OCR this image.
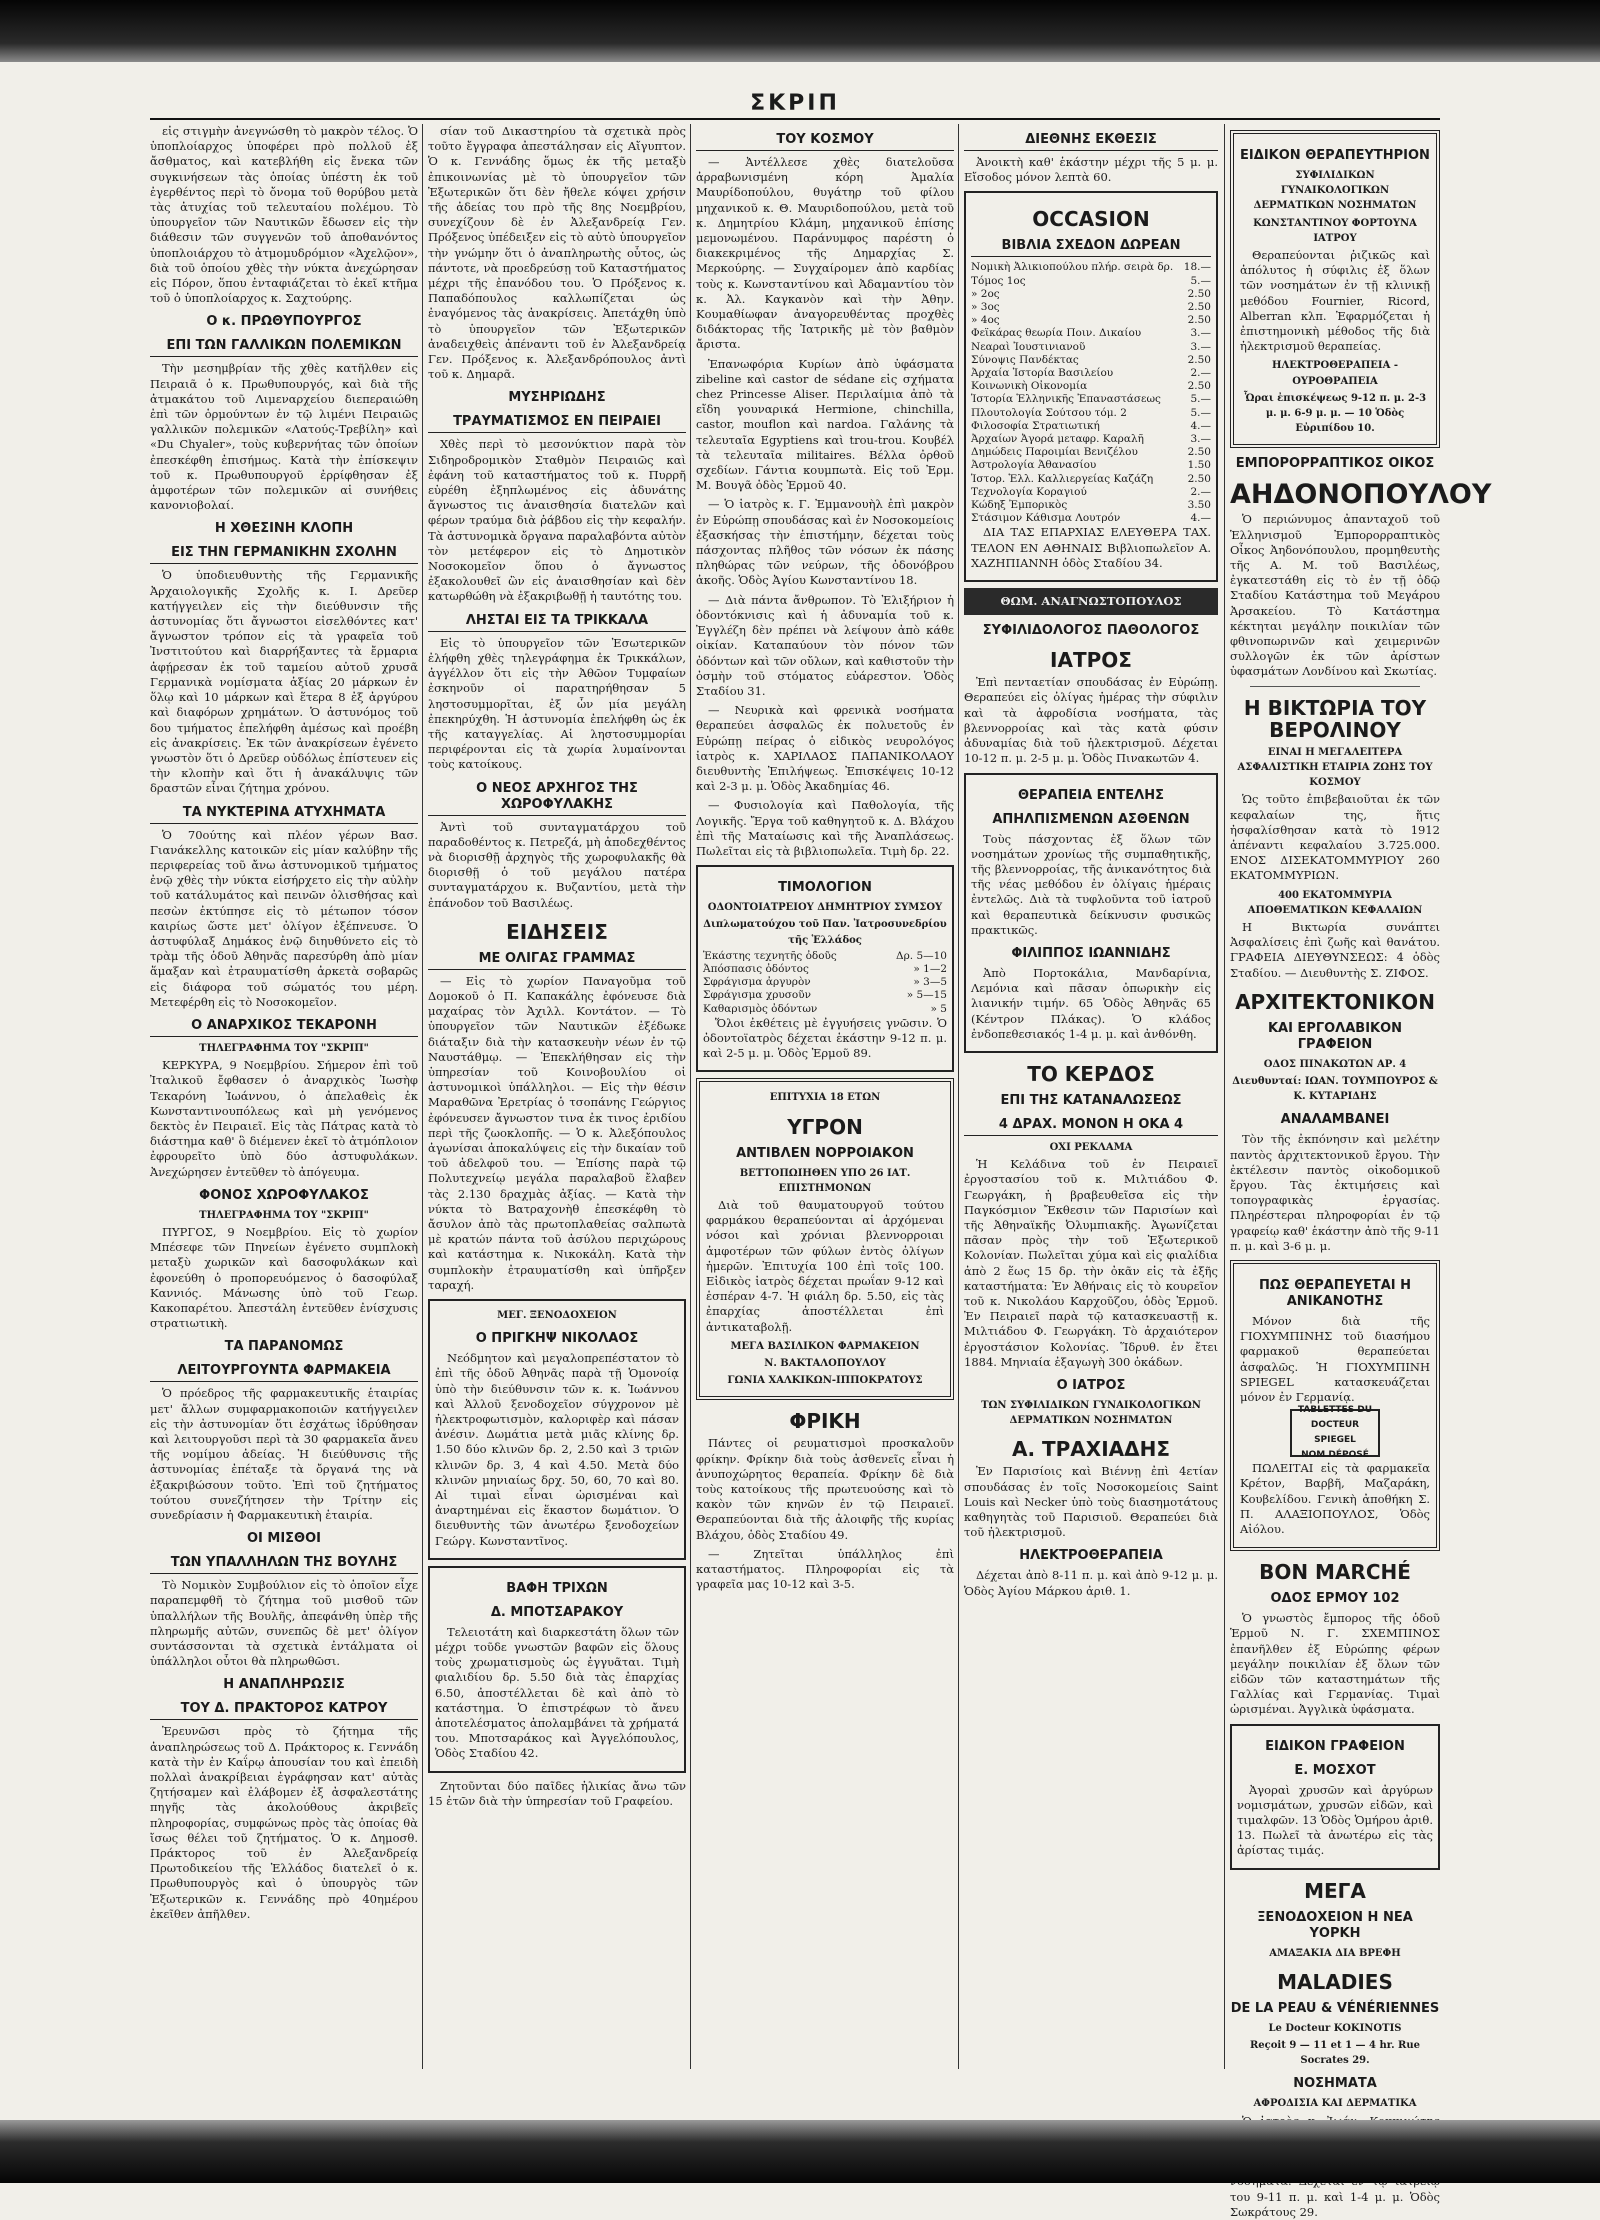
ΣΚΡΙΠ

εἰς στιγμὴν ἀνεγνώσθη τὸ μακρὸν τέλος. Ὁ ὑποπλοίαρχος ὑποφέρει πρὸ πολλοῦ ἐξ ἄσθματος, καὶ κατεβλήθη εἰς ἔνεκα τῶν συγκινήσεων τὰς ὁποίας ὑπέστη ἐκ τοῦ ἐγερθέντος περὶ τὸ ὄνομα τοῦ θορύβου μετὰ τὰς ἀτυχίας τοῦ τελευταίου πολέμου. Τὸ ὑπουργεῖον τῶν Ναυτικῶν ἔδωσεν εἰς τὴν διάθεσιν τῶν συγγενῶν τοῦ ἀποθανόντος ὑποπλοιάρχου τὸ ἀτμομυδρόμιον «Ἀχελῷον», διὰ τοῦ ὁποίου χθὲς τὴν νύκτα ἀνεχώρησαν εἰς Πόρον, ὅπου ἐνταφιάζεται τὸ ἐκεῖ κτῆμα τοῦ ὁ ὑποπλοίαρχος κ. Σαχτούρης.

Ο κ. ΠΡΩΘΥΠΟΥΡΓΟΣ
ΕΠΙ ΤΩΝ ΓΑΛΛΙΚΩΝ ΠΟΛΕΜΙΚΩΝ

Τὴν μεσημβρίαν τῆς χθὲς κατῆλθεν εἰς Πειραιᾶ ὁ κ. Πρωθυπουργός, καὶ διὰ τῆς ἀτμακάτου τοῦ Λιμεναρχείου διεπεραιώθη ἐπὶ τῶν ὁρμούντων ἐν τῷ λιμένι Πειραιῶς γαλλικῶν πολεμικῶν «Λατούς-Τρεβίλη» καὶ «Du Chyaler», τοὺς κυβερνήτας τῶν ὁποίων ἐπεσκέφθη ἐπισήμως. Κατὰ τὴν ἐπίσκεψιν τοῦ κ. Πρωθυπουργοῦ ἐρρίφθησαν ἐξ ἀμφοτέρων τῶν πολεμικῶν αἱ συνήθεις κανονιοβολαί.

Η ΧΘΕΣΙΝΗ ΚΛΟΠΗ
ΕΙΣ ΤΗΝ ΓΕΡΜΑΝΙΚΗΝ ΣΧΟΛΗΝ

Ὁ ὑποδιευθυντὴς τῆς Γερμανικῆς Ἀρχαιολογικῆς Σχολῆς κ. Ι. Δρεῦερ κατήγγειλεν εἰς τὴν διεύθυνσιν τῆς ἀστυνομίας ὅτι ἄγνωστοι εἰσελθόντες κατ' ἄγνωστον τρόπον εἰς τὰ γραφεῖα τοῦ Ἰνστιτούτου καὶ διαρρήξαντες τὰ ἔρμαρια ἀφῄρεσαν ἐκ τοῦ ταμείου αὐτοῦ χρυσᾶ Γερμανικὰ νομίσματα ἀξίας 20 μάρκων ἐν ὅλῳ καὶ 10 μάρκων καὶ ἕτερα 8 ἐξ ἀργύρου καὶ διαφόρων χρημάτων. Ὁ ἀστυνόμος τοῦ δου τμήματος ἐπελήφθη ἀμέσως καὶ προέβη εἰς ἀνακρίσεις. Ἐκ τῶν ἀνακρίσεων ἐγένετο γνωστὸν ὅτι ὁ Δρεῦερ οὐδόλως ἐπίστευεν εἰς τὴν κλοπὴν καὶ ὅτι ἡ ἀνακάλυψις τῶν δραστῶν εἶναι ζήτημα χρόνου.

ΤΑ ΝΥΚΤΕΡΙΝΑ ΑΤΥΧΗΜΑΤΑ

Ὁ 70ούτης καὶ πλέον γέρων Βασ. Γιανάκελλης κατοικῶν εἰς μίαν καλύβην τῆς περιφερείας τοῦ ἄνω ἀστυνομικοῦ τμήματος ἐνῷ χθὲς τὴν νύκτα εἰσήρχετο εἰς τὴν αὐλὴν τοῦ κατάλυμάτος καὶ πεινῶν ὀλισθήσας καὶ πεσὼν ἐκτύπησε εἰς τὸ μέτωπον τόσον καιρίως ὥστε μετ' ὀλίγον ἐξέπνευσε. Ὁ ἀστυφύλαξ Δημάκος ἐνῷ διηυθύνετο εἰς τὸ τρὰμ τῆς ὁδοῦ Ἀθηνᾶς παρεσύρθη ἀπὸ μίαν ἅμαξαν καὶ ἐτραυματίσθη ἀρκετὰ σοβαρῶς εἰς διάφορα τοῦ σώματός του μέρη. Μετεφέρθη εἰς τὸ Νοσοκομεῖον.

Ο ΑΝΑΡΧΙΚΟΣ ΤΕΚΑΡΟΝΗ
ΤΗΛΕΓΡΑΦΗΜΑ ΤΟΥ "ΣΚΡΙΠ"

ΚΕΡΚΥΡΑ, 9 Νοεμβρίου. Σήμερον ἐπὶ τοῦ Ἰταλικοῦ ἔφθασεν ὁ ἀναρχικὸς Ἰωσὴφ Τεκαρόνη Ἰωάννου, ὁ ἀπελαθεὶς ἐκ Κωνσταντινουπόλεως καὶ μὴ γενόμενος δεκτὸς ἐν Πειραιεῖ. Εἰς τὰς Πάτρας κατὰ τὸ διάστημα καθ' ὃ διέμενεν ἐκεῖ τὸ ἀτμόπλοιον ἐφρουρεῖτο ὑπὸ δύο ἀστυφυλάκων. Ἀνεχώρησεν ἐντεῦθεν τὸ ἀπόγευμα.

ΦΟΝΟΣ ΧΩΡΟΦΥΛΑΚΟΣ
ΤΗΛΕΓΡΑΦΗΜΑ ΤΟΥ "ΣΚΡΙΠ"

ΠΥΡΓΟΣ, 9 Νοεμβρίου. Εἰς τὸ χωρίον Μπέσεφε τῶν Πηνείων ἐγένετο συμπλοκὴ μεταξὺ χωρικῶν καὶ δασοφυλάκων καὶ ἐφονεύθη ὁ προπορευόμενος ὁ δασοφύλαξ Καννιός. Μάνωσης ὑπὸ τοῦ Γεωρ. Κακοπαρέτου. Ἀπεστάλη ἐντεῦθεν ἐνίσχυσις στρατιωτικὴ.

ΤΑ ΠΑΡΑΝΟΜΩΣ
ΛΕΙΤΟΥΡΓΟΥΝΤΑ ΦΑΡΜΑΚΕΙΑ

Ὁ πρόεδρος τῆς φαρμακευτικῆς ἑταιρίας μετ' ἄλλων συμφαρμακοποιῶν κατήγγειλεν εἰς τὴν ἀστυνομίαν ὅτι ἐσχάτως ἱδρύθησαν καὶ λειτουργοῦσι περὶ τὰ 30 φαρμακεῖα ἄνευ τῆς νομίμου ἀδείας. Ἡ διεύθυνσις τῆς ἀστυνομίας ἐπέταξε τὰ ὄργανά της νὰ ἐξακριβώσουν τοῦτο. Ἐπὶ τοῦ ζητήματος τούτου συνεζήτησεν τὴν Τρίτην εἰς συνεδρίασιν ἡ Φαρμακευτικὴ ἑταιρία.

ΟΙ ΜΙΣΘΟΙ
ΤΩΝ ΥΠΑΛΛΗΛΩΝ ΤΗΣ ΒΟΥΛΗΣ

Τὸ Νομικὸν Συμβούλιον εἰς τὸ ὁποῖον εἶχε παραπεμφθῆ τὸ ζήτημα τοῦ μισθοῦ τῶν ὑπαλλήλων τῆς Βουλῆς, ἀπεφάνθη ὑπὲρ τῆς πληρωμῆς αὐτῶν, συνεπῶς δὲ μετ' ὀλίγον συντάσσονται τὰ σχετικὰ ἐντάλματα οἱ ὑπάλληλοι οὗτοι θὰ πληρωθῶσι.

Η ΑΝΑΠΛΗΡΩΣΙΣ
ΤΟΥ Δ. ΠΡΑΚΤΟΡΟΣ ΚΑΤΡΟΥ

Ἐρευνῶσι πρὸς τὸ ζήτημα τῆς ἀναπληρώσεως τοῦ Δ. Πράκτορος κ. Γεννάδη κατὰ τὴν ἐν Καΐρῳ ἀπουσίαν του καὶ ἐπειδὴ πολλαὶ ἀνακρίβειαι ἐγράφησαν κατ' αὐτὰς ζητήσαμεν καὶ ἐλάβομεν ἐξ ἀσφαλεστάτης πηγῆς τὰς ἀκολούθους ἀκριβεῖς πληροφορίας, συμφώνως πρὸς τὰς ὁποίας θὰ ἴσως θέλει τοῦ ζητήματος. Ὁ κ. Δημοσθ. Πράκτορος τοῦ ἐν Ἀλεξανδρείᾳ Πρωτοδικείου τῆς Ἑλλάδος διατελεῖ ὁ κ. Πρωθυπουργὸς καὶ ὁ ὑπουργὸς τῶν Ἐξωτερικῶν κ. Γεννάδης πρὸ 40ημέρου ἐκεῖθεν ἀπῆλθεν.

σίαν τοῦ Δικαστηρίου τὰ σχετικὰ πρὸς τοῦτο ἔγγραφα ἀπεστάλησαν εἰς Αἴγυπτον. Ὁ κ. Γεννάδης ὅμως ἐκ τῆς μεταξὺ ἐπικοινωνίας μὲ τὸ ὑπουργεῖον τῶν Ἐξωτερικῶν ὅτι δὲν ἤθελε κόψει χρήσιν τῆς ἀδείας του πρὸ τῆς 8ης Νοεμβρίου, συνεχίζουν δὲ ἐν Ἀλεξανδρείᾳ Γεν. Πρόξενος ὑπέδειξεν εἰς τὸ αὐτὸ ὑπουργεῖον τὴν γνώμην ὅτι ὁ ἀναπληρωτὴς οὗτος, ὡς πάντοτε, νὰ προεδρεύσῃ τοῦ Καταστήματος μέχρι τῆς ἐπανόδου του. Ὁ Πρόξενος κ. Παπαδόπουλος καλλωπίζεται ὡς ἐναγόμενος τὰς ἀνακρίσεις. Ἀπετάχθη ὑπὸ τὸ ὑπουργεῖον τῶν Ἐξωτερικῶν ἀναδειχθεὶς ἀπέναντι τοῦ ἐν Ἀλεξανδρείᾳ Γεν. Πρόξενος κ. Ἀλεξανδρόπουλος ἀντὶ τοῦ κ. Δημαρᾶ.

ΜΥΣΗΡΙΩΔΗΣ
ΤΡΑΥΜΑΤΙΣΜΟΣ ΕΝ ΠΕΙΡΑΙΕΙ

Χθὲς περὶ τὸ μεσονύκτιον παρὰ τὸν Σιδηροδρομικὸν Σταθμὸν Πειραιῶς καὶ ἐφάνη τοῦ καταστήματος τοῦ κ. Πυρρῆ εὑρέθη ἐξηπλωμένος εἰς ἀδυνάτης ἄγνωστος τις ἀναισθησία διατελῶν καὶ φέρων τραύμα διὰ ῥάβδου εἰς τὴν κεφαλήν. Τὰ ἀστυνομικὰ ὄργανα παραλαβόντα αὐτὸν τὸν μετέφερον εἰς τὸ Δημοτικὸν Νοσοκομεῖον ὅπου ὁ ἄγνωστος ἐξακολουθεῖ ὢν εἰς ἀναισθησίαν καὶ δὲν κατωρθώθη νὰ ἐξακριβωθῇ ἡ ταυτότης του.

ΛΗΣΤΑΙ ΕΙΣ ΤΑ ΤΡΙΚΚΑΛΑ

Εἰς τὸ ὑπουργεῖον τῶν Ἐσωτερικῶν ἐλήφθη χθὲς τηλεγράφημα ἐκ Τρικκάλων, ἀγγέλλον ὅτι εἰς τὴν Ἀθῶον Τυμφαίων ἐσκηνοῦν οἱ παρατηρήθησαν 5 ληστοσυμμορῖται, ἐξ ὧν μία μεγάλη ἐπεκηρύχθη. Ἡ ἀστυνομία ἐπελήφθη ὡς ἐκ τῆς καταγγελίας. Αἱ ληστοσυμμορίαι περιφέρονται εἰς τὰ χωρία λυμαίνονται τοὺς κατοίκους.

Ο ΝΕΟΣ ΑΡΧΗΓΟΣ ΤΗΣ ΧΩΡΟΦΥΛΑΚΗΣ

Ἀντὶ τοῦ συνταγματάρχου τοῦ παραδοθέντος κ. Πετρεζά, μὴ ἀποδεχθέντος νὰ διορισθῇ ἀρχηγὸς τῆς χωροφυλακῆς θὰ διορισθῇ ὁ τοῦ μεγάλου πατέρα συνταγματάρχου κ. Βυζαντίου, μετὰ τὴν ἐπάνοδον τοῦ Βασιλέως.

ΕΙΔΗΣΕΙΣ
ΜΕ ΟΛΙΓΑΣ ΓΡΑΜΜΑΣ

— Εἰς τὸ χωρίον Παναγοῦμα τοῦ Δομοκοῦ ὁ Π. Καπακάλης ἐφόνευσε διὰ μαχαίρας τὸν Ἀχιλλ. Κοντάτον. — Τὸ ὑπουργεῖον τῶν Ναυτικῶν ἐξέδωκε διάταξιν διὰ τὴν κατασκευὴν νέων ἐν τῷ Ναυστάθμῳ. — Ἐπεκλήθησαν εἰς τὴν ὑπηρεσίαν τοῦ Κοινοβουλίου οἱ ἀστυνομικοὶ ὑπάλληλοι. — Εἰς τὴν θέσιν Μαραθῶνα Ἐρετρίας ὁ τσοπάνης Γεώργιος ἐφόνευσεν ἄγνωστον τινα ἐκ τινος ἐριδίου περὶ τῆς ζωοκλοπῆς. — Ὁ κ. Ἀλεξόπουλος ἀγωνίσαι ἀποκαλύψεις εἰς τὴν δικαίαν τοῦ τοῦ ἀδελφοῦ του. — Ἐπίσης παρὰ τῷ Πολυτεχνείῳ μεγάλα παραλαβοῦ ἔλαβεν τὰς 2.130 δραχμὰς ἀξίας. — Κατὰ τὴν νύκτα τὸ Βατραχονὴθ ἐπεσκέφθη τὸ ἄσυλον ἀπὸ τὰς πρωτοπλαθείας σαλπωτὰ μὲ κρατών πάντα τοῦ ἀσύλου περιχώρους καὶ κατάστημα κ. Νικοκάλη. Κατὰ τὴν συμπλοκὴν ἐτραυματίσθη καὶ ὑπῆρξεν ταραχή.

ΜΕΓ. ΞΕΝΟΔΟΧΕΙΟΝ
Ο ΠΡΙΓΚΗΨ ΝΙΚΟΛΑΟΣ

Νεόδμητον καὶ μεγαλοπρεπέστατον τὸ ἐπὶ τῆς ὁδοῦ Ἀθηνᾶς παρὰ τῇ Ὁμονοίᾳ ὑπὸ τὴν διεύθυνσιν τῶν κ. κ. Ἰωάννου καὶ Ἀλλοῦ ξενοδοχεῖον σύγχρονον μὲ ἠλεκτροφωτισμὸν, καλοριφὲρ καὶ πάσαν ἀνέσιν. Δωμάτια μετὰ μιᾶς κλίνης δρ. 1.50 δύο κλινῶν δρ. 2, 2.50 καὶ 3 τριῶν κλινῶν δρ. 3, 4 καὶ 4.50. Μετὰ δύο κλινῶν μηνιαίως δρχ. 50, 60, 70 καὶ 80. Αἱ τιμαὶ εἶναι ὡρισμέναι καὶ ἀναρτημέναι εἰς ἕκαστον δωμάτιον. Ὁ διευθυντὴς τῶν ἀνωτέρω ξενοδοχείων Γεώργ. Κωνσταντῖνος.

ΒΑΦΗ ΤΡΙΧΩΝ
Δ. ΜΠΟΤΣΑΡΑΚΟΥ

Τελειοτάτη καὶ διαρκεστάτη ὅλων τῶν μέχρι τοῦδε γνωστῶν βαφῶν εἰς ὅλους τοὺς χρωματισμοὺς ὡς ἐγγυᾶται. Τιμὴ φιαλιδίου δρ. 5.50 διὰ τὰς ἐπαρχίας 6.50, ἀποστέλλεται δὲ καὶ ἀπὸ τὸ κατάστημα. Ὁ ἐπιστρέφων τὸ ἄνευ ἀποτελέσματος ἀπολαμβάνει τὰ χρήματά του. Μποτσαράκος καὶ Ἀγγελόπουλος, Ὁδὸς Σταδίου 42.

Ζητοῦνται δύο παῖδες ἡλικίας ἄνω τῶν 15 ἐτῶν διὰ τὴν ὑπηρεσίαν τοῦ Γραφείου.

ΤΟΥ ΚΟΣΜΟΥ

— Ἀντέλλεσε χθὲς διατελοῦσα ἀρραβωνισμένη κόρη Ἀμαλία Μαυρίδοπούλου, θυγάτηρ τοῦ φίλου μηχανικοῦ κ. Θ. Μαυριδοπούλου, μετὰ τοῦ κ. Δημητρίου Κλάμη, μηχανικοῦ ἐπίσης μεμονωμένου. Παράνυμφος παρέστη ὁ διακεκριμένος τῆς Δημαρχίας Σ. Μερκούρης. — Συγχαίρομεν ἀπὸ καρδίας τοὺς κ. Κωνσταντίνου καὶ Ἀδαμαντίου τὸν κ. Ἀλ. Καγκανὸν καὶ τὴν Ἀθην. Κουμαθίωφαν ἀναγορευθέντας προχθὲς διδάκτορας τῆς Ἰατρικῆς μὲ τὸν βαθμὸν ἄριστα.

Ἐπανωφόρια Κυρίων ἀπὸ ὑφάσματα zibeline καὶ castor de sédane εἰς σχήματα chez Princesse Aliser. Περιλαίμια ἀπὸ τὰ εἴδη γουναρικά Hermione, chinchilla, castor, mouflon καὶ nardoa. Γαλάνης τὰ τελευταῖα Egyptiens καὶ trou-trou. Κουβέλ τὰ τελευταῖα militaires. Βέλλα ὀρθοῦ σχεδίων. Γάντια κουμπωτὰ. Εἰς τοῦ Ἐρμ. Μ. Βουγᾶ ὁδὸς Ἑρμοῦ 40.

— Ὁ ἰατρὸς κ. Γ. Ἐμμανουὴλ ἐπὶ μακρὸν ἐν Εὐρώπῃ σπουδάσας καὶ ἐν Νοσοκομείοις ἐξασκήσας τὴν ἐπιστήμην, δέχεται τοὺς πάσχοντας πλῆθος τῶν νόσων ἐκ πάσης πληθώρας τῶν νεύρων, τῆς ὁδονόβρου ἀκοῆς. Ὁδὸς Ἀγίου Κωνσταντίνου 18.

— Διὰ πάντα ἄνθρωπον. Τὸ Ἐλιξήριον ἡ ὀδοντόκνισις καὶ ἡ ἀδυναμία τοῦ κ. Ἐγγλέζη δὲν πρέπει νὰ λείψουν ἀπὸ κάθε οἰκίαν. Καταπαύουν τὸν πόνον τῶν ὀδόντων καὶ τῶν οὔλων, καὶ καθιστοῦν τὴν ὀσμὴν τοῦ στόματος εὐάρεστον. Ὁδὸς Σταδίου 31.

— Νευρικὰ καὶ φρενικὰ νοσήματα θεραπεύει ἀσφαλῶς ἐκ πολυετοῦς ἐν Εὐρώπῃ πείρας ὁ εἰδικὸς νευρολόγος ἰατρὸς κ. ΧΑΡΙΛΑΟΣ ΠΑΠΑΝΙΚΟΛΑΟΥ διευθυντὴς Ἐπιλήψεως. Ἐπισκέψεις 10-12 καὶ 2-3 μ. μ. Ὁδὸς Ἀκαδημίας 46.

— Φυσιολογία καὶ Παθολογία, τῆς Λογικῆς. Ἔργα τοῦ καθηγητοῦ κ. Δ. Βλάχου ἐπὶ τῆς Ματαίωσις καὶ τῆς Ἀναπλάσεως. Πωλεῖται εἰς τὰ βιβλιοπωλεῖα. Τιμὴ δρ. 22.

ΤΙΜΟΛΟΓΙΟΝ
ΟΔΟΝΤΟΙΑΤΡΕΙΟΥ ΔΗΜΗΤΡΙΟΥ ΣΥΜΣΟΥ
Διπλωματούχου τοῦ Παν. Ἰατροσυνεδρίου τῆς Ἑλλάδος
Ἑκάστης τεχνητῆς ὀδοῦς	Δρ. 5—10
Ἀπόσπασις ὀδόντος	» 1—2
Σφράγισμα ἀργυρὸν	» 3—5
Σφράγισμα χρυσοῦν	» 5—15
Καθαρισμὸς ὀδόντων	» 5

Ὅλοι ἐκθέτεις μὲ ἐγγυήσεις γνῶσιν. Ὁ ὀδοντοϊατρὸς δέχεται ἑκάστην 9-12 π. μ. καὶ 2-5 μ. μ. Ὁδὸς Ἑρμοῦ 89.

ΕΠΙΤΥΧΙΑ 18 ΕΤΩΝ
ΥΓΡΟΝ
ΑΝΤΙΒΛΕΝ ΝΟΡΡΟΙΑΚΟΝ
ΒΕΤΤΟΠΩΙΗΘΕΝ ΥΠΟ 26 ΙΑΤ. ΕΠΙΣΤΗΜΟΝΩΝ

Διὰ τοῦ θαυματουργοῦ τούτου φαρμάκου θεραπεύονται αἱ ἀρχόμεναι νόσοι καὶ χρόνιαι βλεννορροιαι ἀμφοτέρων τῶν φύλων ἐντὸς ὀλίγων ἡμερῶν. Ἐπιτυχία 100 ἐπὶ τοῖς 100. Εἰδικὸς ἰατρὸς δέχεται πρωΐαν 9-12 καὶ ἑσπέραν 4-7. Ἡ φιάλη δρ. 5.50, εἰς τὰς ἐπαρχίας ἀποστέλλεται ἐπὶ ἀντικαταβολῇ.

ΜΕΓΑ ΒΑΣΙΛΙΚΟΝ ΦΑΡΜΑΚΕΙΟΝ
Ν. ΒΑΚΤΑΛΟΠΟΥΛΟΥ
ΓΩΝΙΑ ΧΑΛΚΙΚΩΝ-ΙΠΠΟΚΡΑΤΟΥΣ
ΦΡΙΚΗ

Πάντες οἱ ρευματισμοὶ προσκαλοῦν φρίκην. Φρίκην διὰ τοὺς ἀσθενεῖς εἶναι ἡ ἀνυποχώρητος θεραπεία. Φρίκην δὲ διὰ τοὺς κατοίκους τῆς πρωτευούσης καὶ τὸ κακὸν τῶν κηνῶν ἐν τῷ Πειραιεῖ. Θεραπεύονται διὰ τῆς ἀλοιφῆς τῆς κυρίας Βλάχου, ὁδὸς Σταδίου 49.

— Ζητεῖται ὑπάλληλος ἐπὶ καταστήματος. Πληροφορίαι εἰς τὰ γραφεῖα μας 10-12 καὶ 3-5.

ΔΙΕΘΝΗΣ ΕΚΘΕΣΙΣ

Ἀνοικτὴ καθ' ἑκάστην μέχρι τῆς 5 μ. μ. Εἴσοδος μόνον λεπτὰ 60.

OCCASION
ΒΙΒΛΙΑ ΣΧΕΔΟΝ ΔΩΡΕΑΝ
Νομικὴ Ἀλικιοπούλου πλήρ. σειρὰ δρ. 18.—
Τόμος 1ος	5.—
» 2ος	2.50
» 3ος	2.50
» 4ος	2.50
Φεϊκάρας θεωρία Ποιν. Δικαίου	3.—
Νεαραὶ Ἰουστινιανοῦ	3.—
Σύνοψις Πανδέκτας	2.50
Ἀρχαία Ἱστορία Βασιλείου	2.—
Κοινωνικὴ Οἰκονομία	2.50
Ἱστορία Ἑλληνικῆς Ἐπαναστάσεως	5.—
Πλουτολογία Σούτσου τόμ. 2	5.—
Φιλοσοφία Στρατιωτική	4.—
Ἀρχαίων Ἀγορά μεταφρ. Καραλῆ	3.—
Δημώδεις Παροιμίαι Βενιζέλου	2.50
Ἀστρολογία Ἀθανασίου	1.50
Ἱστορ. Ἑλλ. Καλλιεργείας Καζάζη	2.50
Τεχνολογία Κοραγιού	2.—
Κώδηξ Ἐμπορικὸς	3.50
Στάσιμον Κάθισμα Λουτρόν	4.—

ΔΙΑ ΤΑΣ ΕΠΑΡΧΙΑΣ ΕΛΕΥΘΕΡΑ ΤΑΧ. ΤΕΛΟΝ ΕΝ ΑΘΗΝΑΙΣ Βιβλιοπωλεῖον Α. ΧΑΖΗΠΙΑΝΝΗ ὁδὸς Σταδίου 34.

ΘΩΜ. ΑΝΑΓΝΩΣΤΟΠΟΥΛΟΣ
ΣΥΦΙΛΙΔΟΛΟΓΟΣ ΠΑΘΟΛΟΓΟΣ
ΙΑΤΡΟΣ

Ἐπὶ πενταετίαν σπουδάσας ἐν Εὐρώπῃ. Θεραπεύει εἰς ὀλίγας ἡμέρας τὴν σύφιλιν καὶ τὰ ἀφροδίσια νοσήματα, τὰς βλεννορροίας καὶ τὰς κατὰ φύσιν ἀδυναμίας διὰ τοῦ ἠλεκτρισμοῦ. Δέχεται 10-12 π. μ. 2-5 μ. μ. Ὁδὸς Πινακωτῶν 4.

ΘΕΡΑΠΕΙΑ ΕΝΤΕΛΗΣ
ΑΠΗΛΠΙΣΜΕΝΩΝ ΑΣΘΕΝΩΝ

Τοὺς πάσχοντας ἐξ ὅλων τῶν νοσημάτων χρονίως τῆς συμπαθητικῆς, τῆς βλεννορροίας, τῆς ἀνικανότητος διὰ τῆς νέας μεθόδου ἐν ὀλίγαις ἡμέραις ἐντελῶς. Διὰ τὰ τυφλοῦντα τοῦ ἰατροῦ καὶ θεραπευτικὰ δείκνυσιν φυσικῶς πρακτικῶς.

ΦΙΛΙΠΠΟΣ ΙΩΑΝΝΙΔΗΣ

Ἀπὸ Πορτοκάλια, Μανδαρίνια, Λεμόνια καὶ πᾶσαν ὀπωρικὴν εἰς λιανικήν τιμήν. 65 Ὁδὸς Ἀθηνᾶς 65 (Κέντρον Πλάκας). Ὁ κλάδος ἐνδοπεθεσιακός 1-4 μ. μ. καὶ ἀνθόνθη.

ΤΟ ΚΕΡΔΟΣ
ΕΠΙ ΤΗΣ ΚΑΤΑΝΑΛΩΣΕΩΣ
4 ΔΡΑΧ. ΜΟΝΟΝ Η ΟΚΑ 4
ΟΧΙ ΡΕΚΛΑΜΑ

Ἡ Κελάδινα τοῦ ἐν Πειραιεῖ ἐργοστασίου τοῦ κ. Μιλτιάδου Φ. Γεωργάκη, ἡ βραβευθεῖσα εἰς τὴν Παγκόσμιον Ἔκθεσιν τῶν Παρισίων καὶ τῆς Ἀθηναϊκῆς Ὀλυμπιακῆς. Ἀγωνίζεται πᾶσαν πρὸς τὴν τοῦ Ἐξωτερικοῦ Κολονίαν. Πωλεῖται χύμα καὶ εἰς φιαλίδια ἀπὸ 2 ἕως 15 δρ. τὴν ὀκᾶν εἰς τὰ ἐξῆς καταστήματα: Ἐν Ἀθήναις εἰς τὸ κουρεῖον τοῦ κ. Νικολάου Καρχοῦζου, ὁδὸς Ἑρμοῦ. Ἐν Πειραιεῖ παρὰ τῷ κατασκευαστῇ κ. Μιλτιάδου Φ. Γεωργάκη. Τὸ ἀρχαιότερον ἐργοστάσιον Κολονίας. Ἵδρυθ. ἐν ἔτει 1884. Μηνιαία ἐξαγωγὴ 300 ὀκάδων.

Ο ΙΑΤΡΟΣ
ΤΩΝ ΣΥΦΙΛΙΔΙΚΩΝ ΓΥΝΑΙΚΟΛΟΓΙΚΩΝ ΔΕΡΜΑΤΙΚΩΝ ΝΟΣΗΜΑΤΩΝ
Α. ΤΡΑΧΙΑΔΗΣ

Ἐν Παρισίοις καὶ Βιέννῃ ἐπὶ 4ετίαν σπουδάσας ἐν τοῖς Νοσοκομείοις Saint Louis καὶ Necker ὑπὸ τοὺς διασημοτάτους καθηγητὰς τοῦ Παρισιοῦ. Θεραπεύει διὰ τοῦ ἠλεκτρισμοῦ.

ΗΛΕΚΤΡΟΘΕΡΑΠΕΙΑ

Δέχεται ἀπὸ 8-11 π. μ. καὶ ἀπὸ 9-12 μ. μ. Ὁδὸς Ἀγίου Μάρκου ἀριθ. 1.

ΕΙΔΙΚΟΝ ΘΕΡΑΠΕΥΤΗΡΙΟΝ
ΣΥΦΙΛΙΔΙΚΩΝ ΓΥΝΑΙΚΟΛΟΓΙΚΩΝ ΔΕΡΜΑΤΙΚΩΝ ΝΟΣΗΜΑΤΩΝ
ΚΩΝΣΤΑΝΤΙΝΟΥ ΦΟΡΤΟΥΝΑ ΙΑΤΡΟΥ

Θεραπεύονται ῥιζικῶς καὶ ἀπόλυτος ἡ σύφιλις ἐξ ὅλων τῶν νοσημάτων ἐν τῇ κλινικῇ μεθόδου Fournier, Ricord, Alberran κλπ. Ἐφαρμόζεται ἡ ἐπιστημονικὴ μέθοδος τῆς διὰ ἠλεκτρισμοῦ θεραπείας.

ΗΛΕΚΤΡΟΘΕΡΑΠΕΙΑ - ΟΥΡΟΘΡΑΠΕΙΑ
Ὧραι ἐπισκέψεως 9-12 π. μ. 2-3 μ. μ. 6-9 μ. μ. — 10 Ὁδὸς Εὐριπίδου 10.
ΕΜΠΟΡΟΡΡΑΠΤΙΚΟΣ ΟΙΚΟΣ
ΑΗΔΟΝΟΠΟΥΛΟΥ

Ὁ περιώνυμος ἀπανταχοῦ τοῦ Ἑλληνισμοῦ Ἐμπορορραπτικὸς Οἶκος Ἀηδονόπουλου, προμηθευτὴς τῆς Α. Μ. τοῦ Βασιλέως, ἐγκατεστάθη εἰς τὸ ἐν τῇ ὁδῷ Σταδίου Κατάστημα τοῦ Μεγάρου Ἀρσακείου. Τὸ Κατάστημα κέκτηται μεγάλην ποικιλίαν τῶν φθινοπωρινῶν καὶ χειμερινῶν συλλογῶν ἐκ τῶν ἀρίστων ὑφασμάτων Λονδίνου καὶ Σκωτίας.

Η ΒΙΚΤΩΡΙΑ ΤΟΥ ΒΕΡΟΛΙΝΟΥ
ΕΙΝΑΙ Η ΜΕΓΑΛΕΙΤΕΡΑ ΑΣΦΑΛΙΣΤΙΚΗ ΕΤΑΙΡΙΑ ΖΩΗΣ ΤΟΥ ΚΟΣΜΟΥ

Ὡς τοῦτο ἐπιβεβαιοῦται ἐκ τῶν κεφαλαίων της, ἥτις ἠσφαλίσθησαν κατὰ τὸ 1912 ἀπέναντι κεφαλαίου 3.725.000. ΕΝΟΣ ΔΙΣΕΚΑΤΟΜΜΥΡΙΟΥ 260 ΕΚΑΤΟΜΜΥΡΙΩΝ.

400 ΕΚΑΤΟΜΜΥΡΙΑ ΑΠΟΘΕΜΑΤΙΚΩΝ ΚΕΦΑΛΑΙΩΝ

Η Βικτωρία συνάπτει Ἀσφαλίσεις ἐπὶ ζωῆς καὶ θανάτου. ΓΡΑΦΕΙΑ ΔΙΕΥΘΥΝΣΕΩΣ: 4 ὁδὸς Σταδίου. — Διευθυντὴς Σ. ΖΙΦΟΣ.

ΑΡΧΙΤΕΚΤΟΝΙΚΟΝ
ΚΑΙ ΕΡΓΟΛΑΒΙΚΟΝ ΓΡΑΦΕΙΟΝ
ΟΔΟΣ ΠΙΝΑΚΩΤΩΝ ΑΡ. 4
Διευθυνταί: ΙΩΑΝ. ΤΟΥΜΠΟΥΡΟΣ & Κ. ΚΥΤΑΡΙΔΗΣ
ΑΝΑΛΑΜΒΑΝΕΙ

Τὸν τῆς ἐκπόνησιν καὶ μελέτην παντὸς ἀρχιτεκτονικοῦ ἔργου. Τὴν ἐκτέλεσιν παντὸς οἰκοδομικοῦ ἔργου. Τὰς ἐκτιμήσεις καὶ τοπογραφικὰς ἐργασίας. Πληρέστεραι πληροφορίαι ἐν τῷ γραφείῳ καθ' ἑκάστην ἀπὸ τῆς 9-11 π. μ. καὶ 3-6 μ. μ.

ΠΩΣ ΘΕΡΑΠΕΥΕΤΑΙ Η ΑΝΙΚΑΝΟΤΗΣ

Μόνον διὰ τῆς ΓΙΟΧΥΜΠΙΝΗΣ τοῦ διασήμου φαρμακοῦ θεραπεύεται ἀσφαλῶς. Ἡ ΓΙΟΧΥΜΠΙΝΗ SPIEGEL κατασκευάζεται μόνον ἐν Γερμανίᾳ.

TABLETTES DU DOCTEUR SPIEGEL
NOM DÉPOSÉ

ΠΩΛΕΙΤΑΙ εἰς τὰ φαρμακεῖα Κρέτον, Βαρβῆ, Μαζαράκη, Κουβελίδου. Γενικὴ ἀποθήκη Σ. Π. ΑΛΑΞΙΟΠΟΥΛΟΣ, Ὁδὸς Αἰόλου.

BON MARCHÉ
ΟΔΟΣ ΕΡΜΟΥ 102

Ὁ γνωστὸς ἔμπορος τῆς ὁδοῦ Ἑρμοῦ Ν. Γ. ΣΧΕΜΠΙΝΟΣ ἐπανῆλθεν ἐξ Εὐρώπης φέρων μεγάλην ποικιλίαν ἐξ ὅλων τῶν εἰδῶν τῶν καταστημάτων τῆς Γαλλίας καὶ Γερμανίας. Τιμαὶ ὡρισμέναι. Ἀγγλικὰ ὑφάσματα.

ΕΙΔΙΚΟΝ ΓΡΑΦΕΙΟΝ
Ε. ΜΟΣΧΟΤ

Ἀγοραὶ χρυσῶν καὶ ἀργύρων νομισμάτων, χρυσῶν εἰδῶν, καὶ τιμαλφῶν. 13 Ὁδὸς Ὁμήρου ἀριθ. 13. Πωλεῖ τὰ ἀνωτέρω εἰς τὰς ἀρίστας τιμάς.

ΜΕΓΑ
ΞΕΝΟΔΟΧΕΙΟΝ Η ΝΕΑ ΥΟΡΚΗ
ΑΜΑΞΑΚΙΑ ΔΙΑ ΒΡΕΦΗ
MALADIES
DE LA PEAU & VÉNÉRIENNES
Le Docteur KOKINOTIS
Reçoit 9 — 11 et 1 — 4 hr. Rue Socrates 29.
ΝΟΣΗΜΑΤΑ
ΑΦΡΟΔΙΣΙΑ ΚΑΙ ΔΕΡΜΑΤΙΚΑ

του 9-11 π. μ. καὶ 1-4 μ. μ. Ὁδὸς Σωκράτους 29.
